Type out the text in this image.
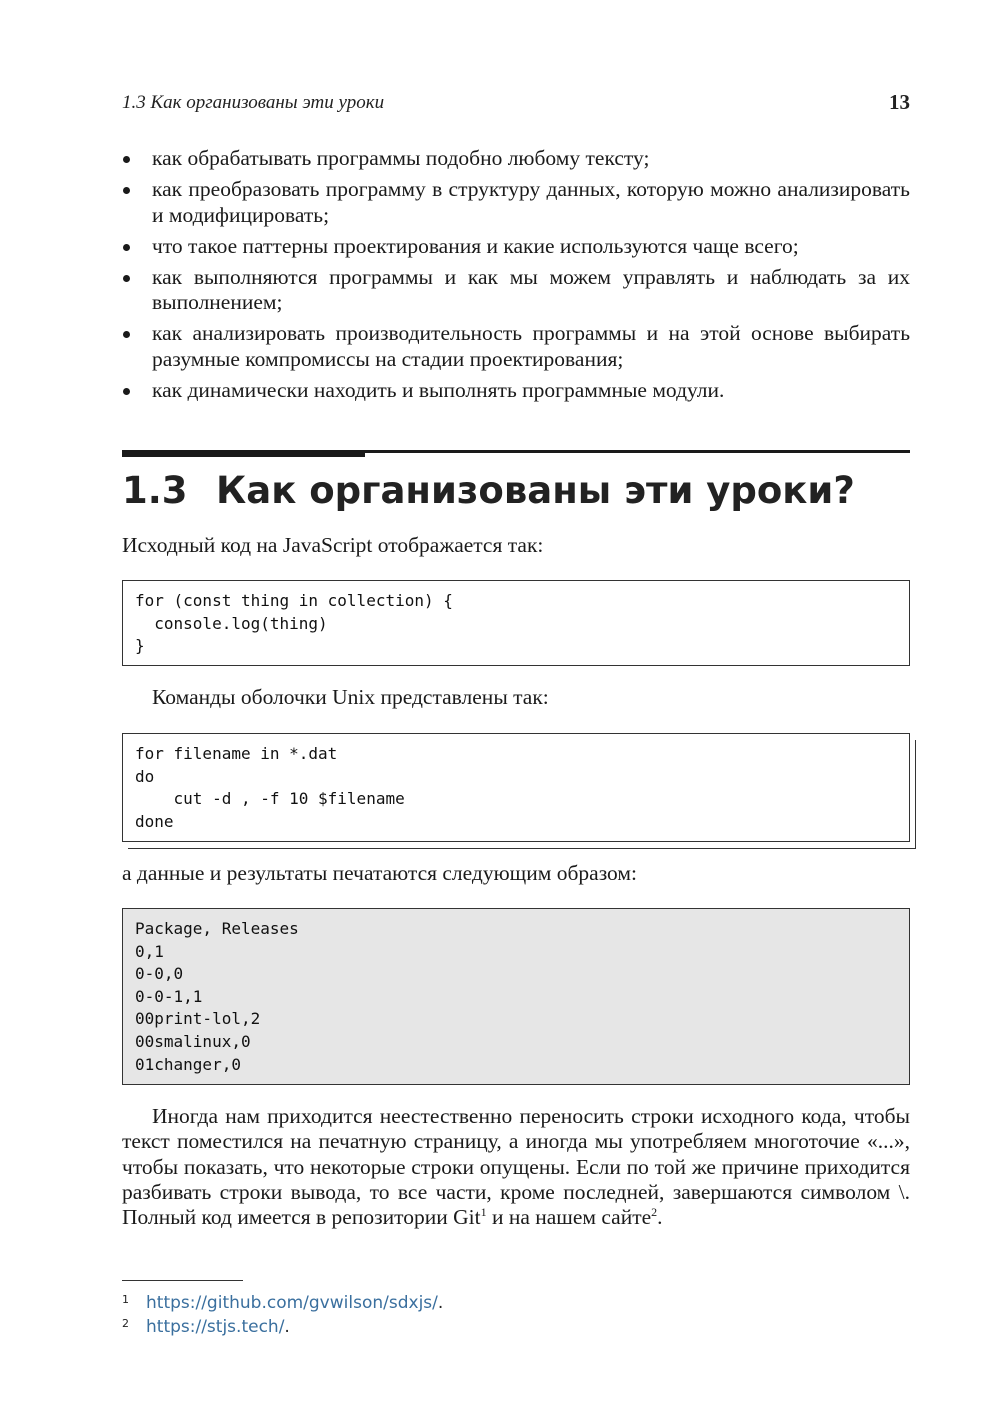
1.3 Как организованы эти уроки	13
как обрабатывать программы подобно любому тексту;
как преобразовать программу в структуру данных, которую можно анализировать и модифицировать;
что такое паттерны проектирования и какие используются чаще всего;
как выполняются программы и как мы можем управлять и наблюдать за их выполнением;
как анализировать производительность программы и на этой основе выбирать разумные компромиссы на стадии проектирования;
как динамически находить и выполнять программные модули.
1.3 Как организованы эти уроки?

Исходный код на JavaScript отображается так:

for (const thing in collection) {
console.log(thing)
}

Команды оболочки Unix представлены так:

for filename in *.dat
do
cut -d , -f 10 $filename
done

а данные и результаты печатаются следующим образом:

Package, Releases
0,1
0-0,0
0-0-1,1
00print-lol,2
00smalinux,0
01changer,0

Иногда нам приходится неестественно переносить строки исходного кода, чтобы текст поместился на печатную страницу, а иногда мы употребляем многоточие «...», чтобы показать, что некоторые строки опущены. Если по той же причине приходится разбивать строки вывода, то все части, кроме последней, завершаются символом \. Полный код имеется в репозитории Git$^1$ и на нашем сайте$^2$.

1 https://github.com/gvwilson/sdxjs/.
2 https://stjs.tech/.
